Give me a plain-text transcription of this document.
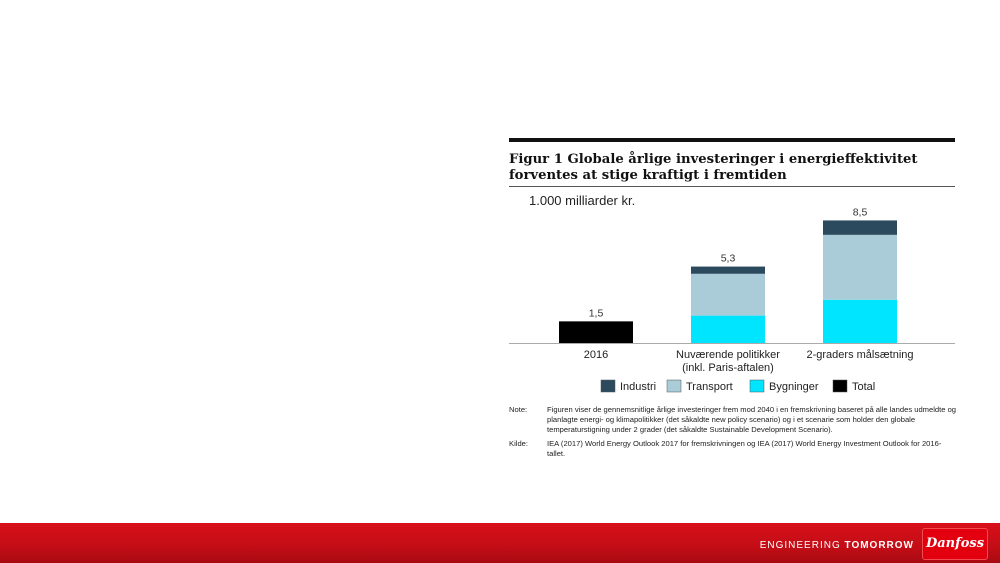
Figur 1 Globale årlige investeringer i energieffektivitet forventes at stige kraftigt i fremtiden
1.000 milliarder kr.
1,5
2016
5,3
Nuværende politikker
(inkl. Paris-aftalen)
8,5
2-graders målsætning
Industri	Transport	Bygninger	Total
Note:	Figuren viser de gennemsnitlige årlige investeringer frem mod 2040 i en fremskrivning baseret på alle landes udmeldte og planlagte energi- og klimapolitikker (det såkaldte new policy scenario) og i et scenarie som holder den globale temperaturstigning under 2 grader (det såkaldte Sustainable Development Scenario).
Kilde:	IEA (2017) World Energy Outlook 2017 for fremskrivningen og IEA (2017) World Energy Investment Outlook for 2016-tallet.
ENGINEERING TOMORROW Danfoss
